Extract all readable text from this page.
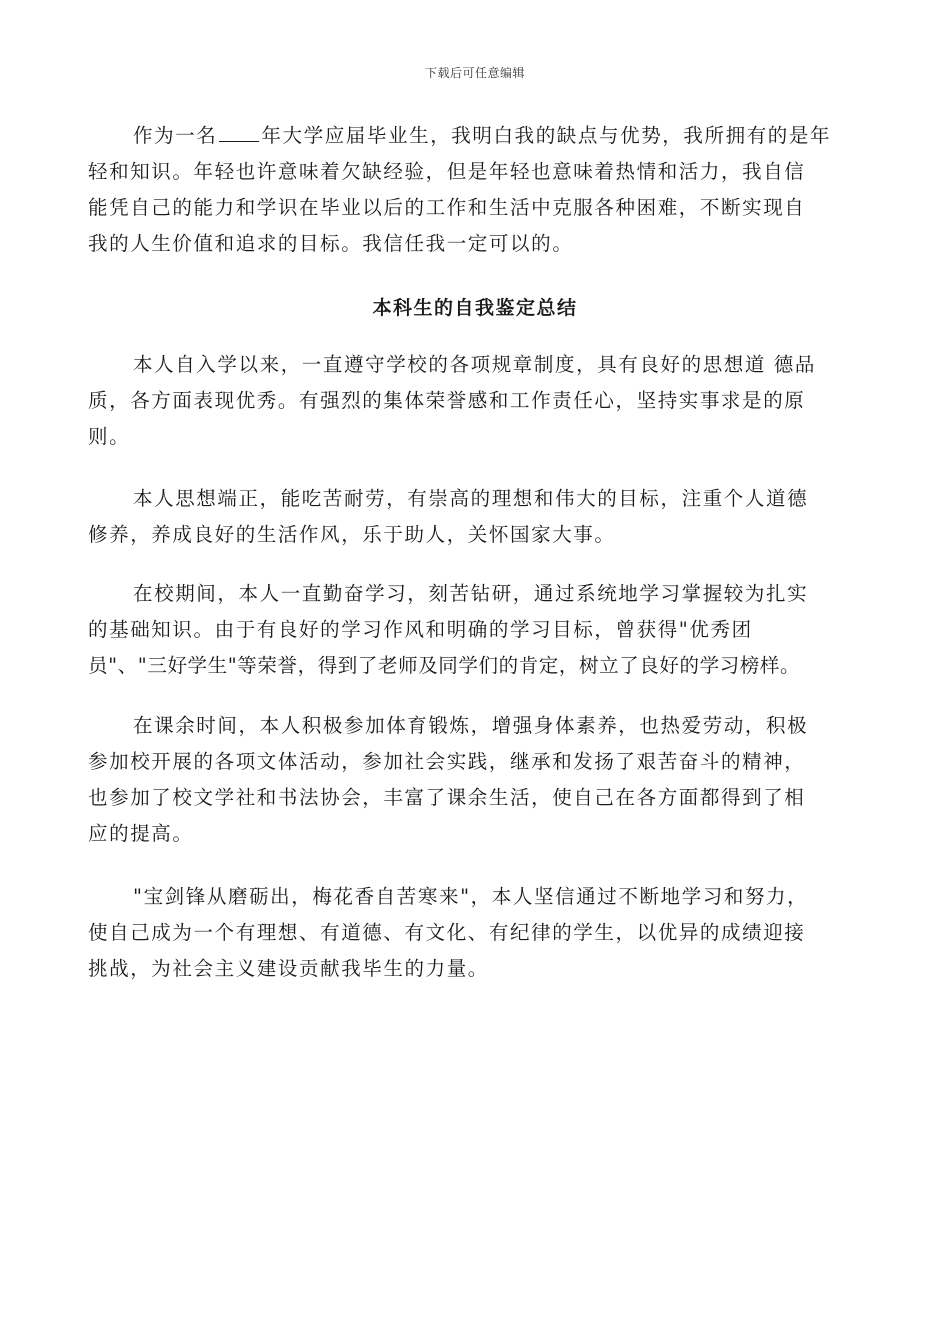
下载后可任意编辑
作为一名 年大学应届毕业生，我明白我的缺点与优势，我所拥有的是年
轻和知识。年轻也许意味着欠缺经验，但是年轻也意味着热情和活力，我自信
能凭自己的能力和学识在毕业以后的工作和生活中克服各种困难，不断实现自
我的人生价值和追求的目标。我信任我一定可以的。
本科生的自我鉴定总结
本人自入学以来，一直遵守学校的各项规章制度，具有良好的思想道 德品
质，各方面表现优秀。有强烈的集体荣誉感和工作责任心，坚持实事求是的原
则。
本人思想端正，能吃苦耐劳，有崇高的理想和伟大的目标，注重个人道德
修养，养成良好的生活作风，乐于助人，关怀国家大事。
在校期间，本人一直勤奋学习，刻苦钻研，通过系统地学习掌握较为扎实
的基础知识。由于有良好的学习作风和明确的学习目标，曾获得"优秀团
员"、"三好学生"等荣誉，得到了老师及同学们的肯定，树立了良好的学习榜样。
在课余时间，本人积极参加体育锻炼，增强身体素养，也热爱劳动，积极
参加校开展的各项文体活动，参加社会实践，继承和发扬了艰苦奋斗的精神，
也参加了校文学社和书法协会，丰富了课余生活，使自己在各方面都得到了相
应的提高。
"宝剑锋从磨砺出，梅花香自苦寒来"，本人坚信通过不断地学习和努力，
使自己成为一个有理想、有道德、有文化、有纪律的学生，以优异的成绩迎接
挑战，为社会主义建设贡献我毕生的力量。
